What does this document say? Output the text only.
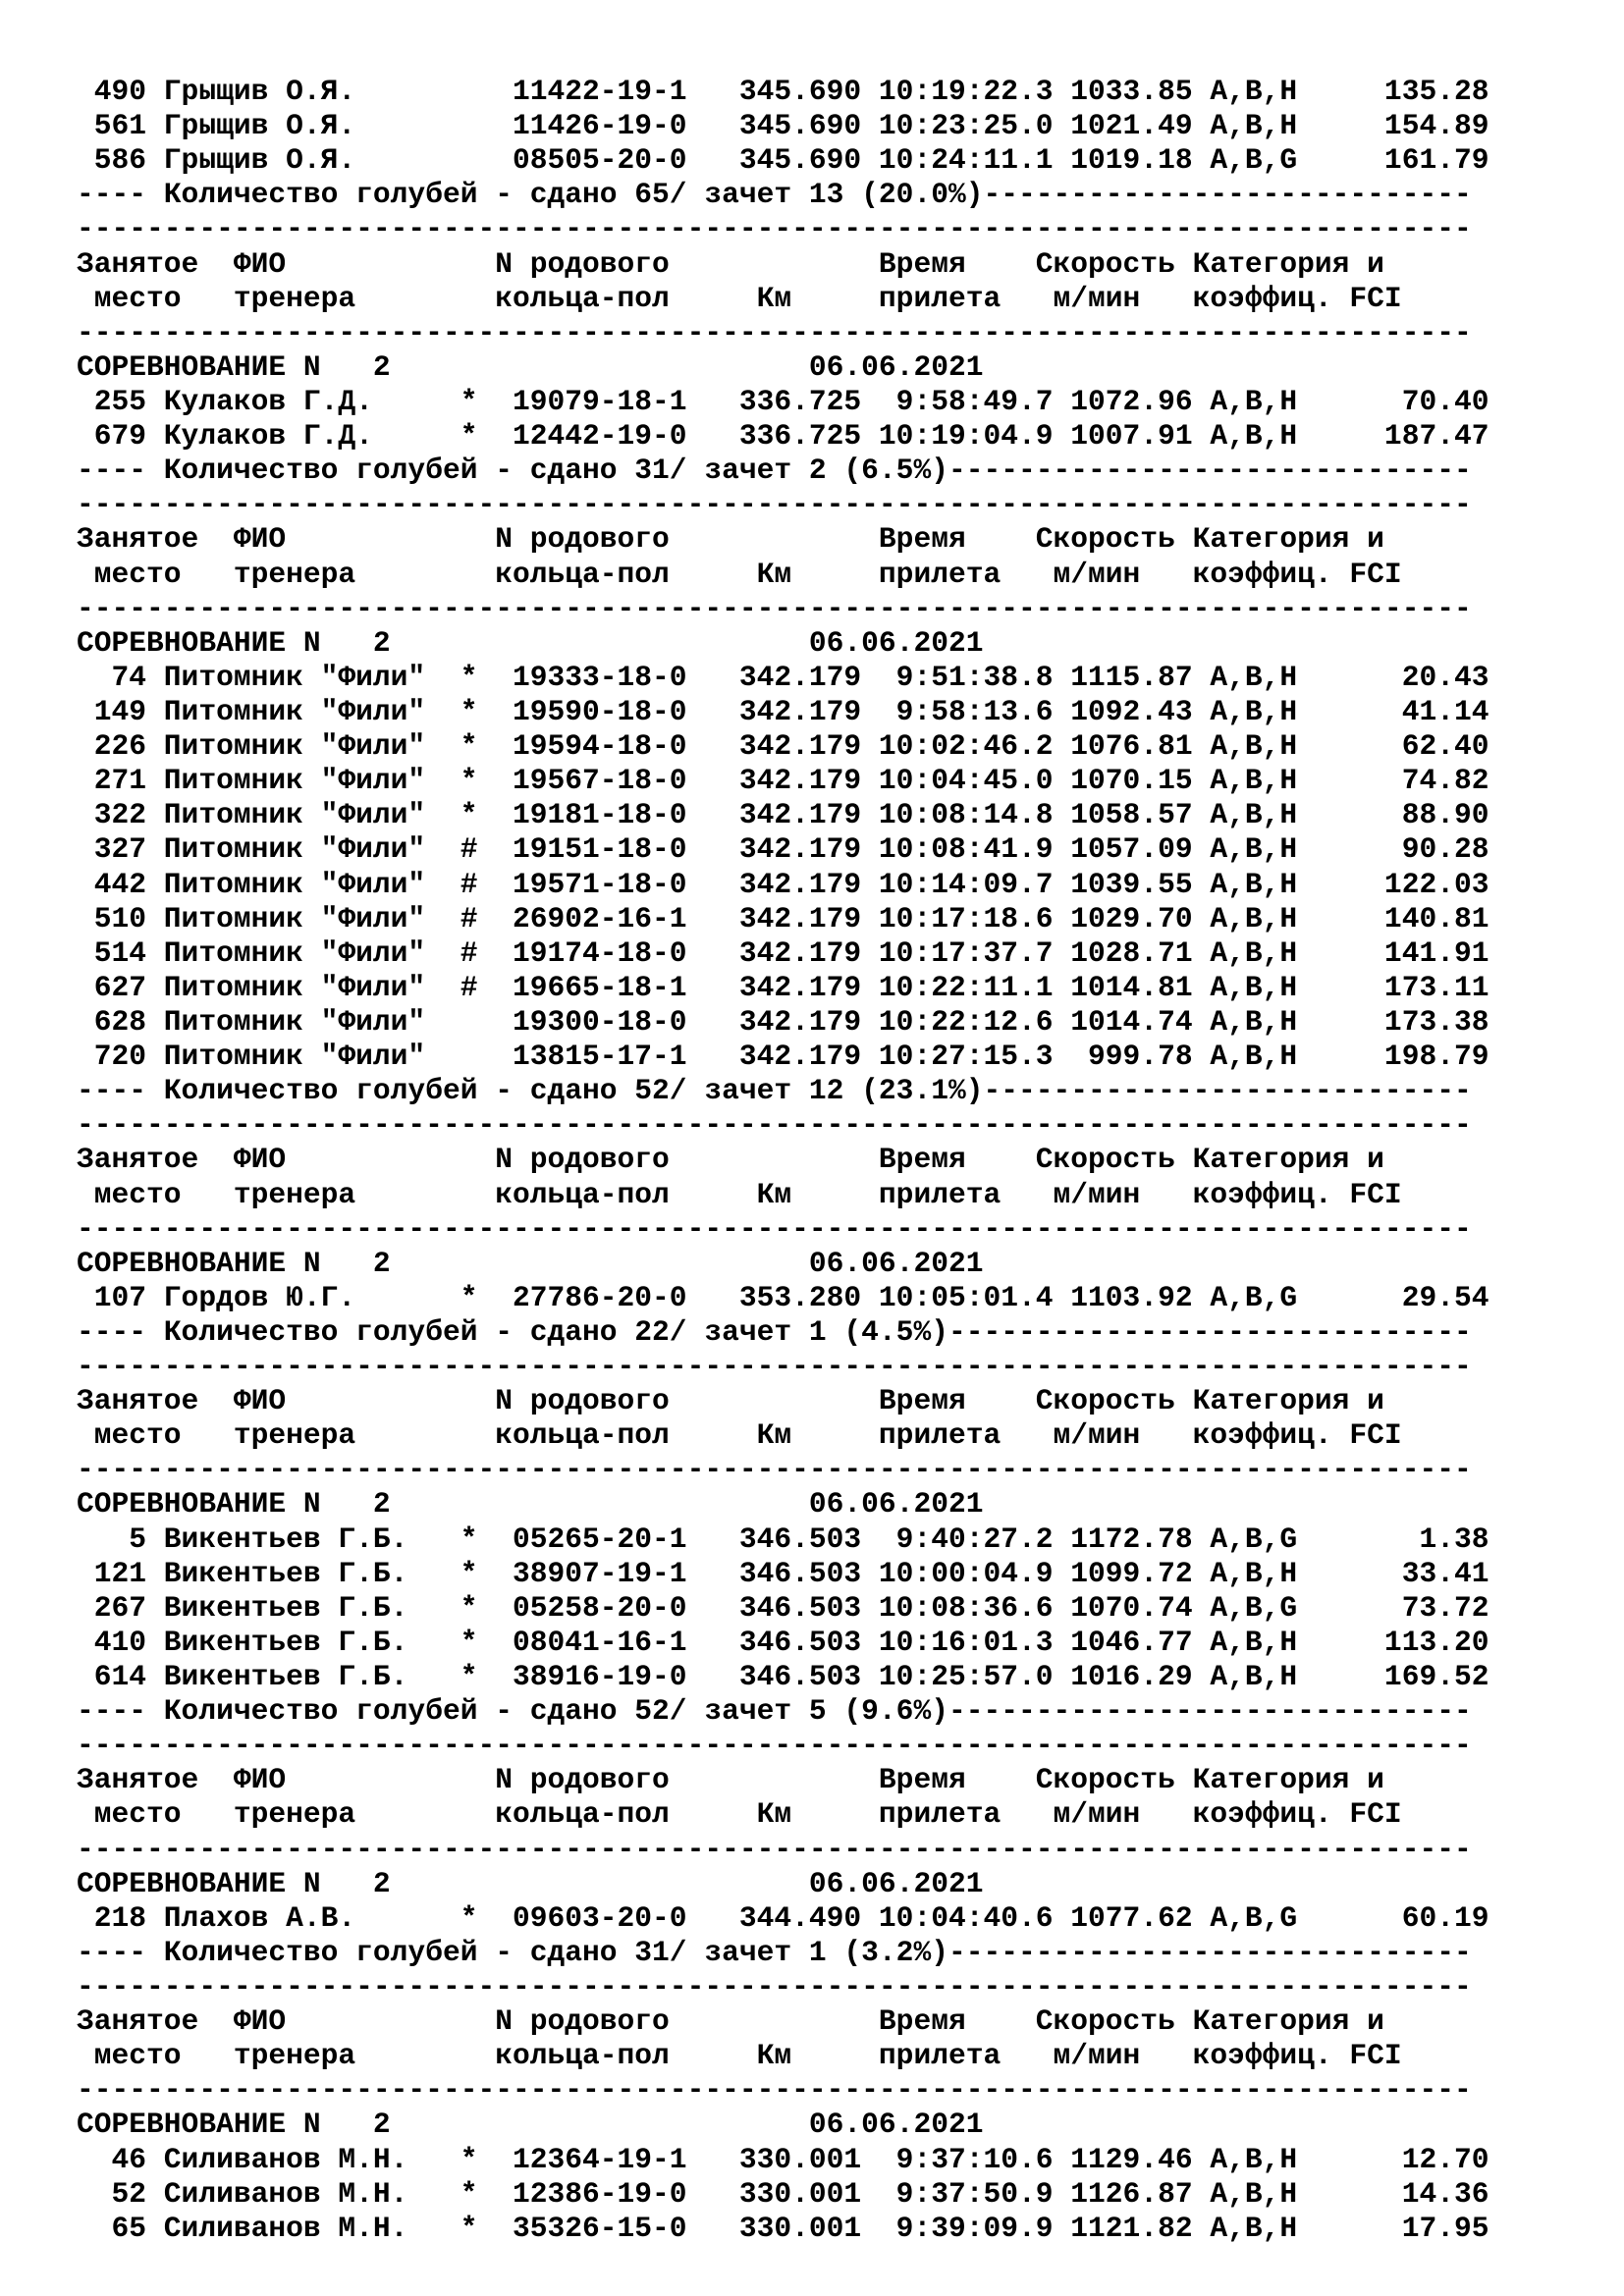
490 Грыщив О.Я.         11422-19-1   345.690 10:19:22.3 1033.85 A,B,H     135.28
561 Грыщив О.Я.         11426-19-0   345.690 10:23:25.0 1021.49 A,B,H     154.89
586 Грыщив О.Я.         08505-20-0   345.690 10:24:11.1 1019.18 A,B,G     161.79
---- Количество голубей - сдано 65/ зачет 13 (20.0%)----------------------------
--------------------------------------------------------------------------------
Занятое  ФИО            N родового            Время    Скорость Категория и
место   тренера        кольца-пол     Км     прилета   м/мин   коэффиц. FCI
--------------------------------------------------------------------------------
СОРЕВНОВАНИЕ N   2                        06.06.2021
255 Кулаков Г.Д.     *  19079-18-1   336.725  9:58:49.7 1072.96 A,B,H      70.40
679 Кулаков Г.Д.     *  12442-19-0   336.725 10:19:04.9 1007.91 A,B,H     187.47
---- Количество голубей - сдано 31/ зачет 2 (6.5%)------------------------------
--------------------------------------------------------------------------------
Занятое  ФИО            N родового            Время    Скорость Категория и
место   тренера        кольца-пол     Км     прилета   м/мин   коэффиц. FCI
--------------------------------------------------------------------------------
СОРЕВНОВАНИЕ N   2                        06.06.2021
74 Питомник "Фили"  *  19333-18-0   342.179  9:51:38.8 1115.87 A,B,H      20.43
149 Питомник "Фили"  *  19590-18-0   342.179  9:58:13.6 1092.43 A,B,H      41.14
226 Питомник "Фили"  *  19594-18-0   342.179 10:02:46.2 1076.81 A,B,H      62.40
271 Питомник "Фили"  *  19567-18-0   342.179 10:04:45.0 1070.15 A,B,H      74.82
322 Питомник "Фили"  *  19181-18-0   342.179 10:08:14.8 1058.57 A,B,H      88.90
327 Питомник "Фили"  #  19151-18-0   342.179 10:08:41.9 1057.09 A,B,H      90.28
442 Питомник "Фили"  #  19571-18-0   342.179 10:14:09.7 1039.55 A,B,H     122.03
510 Питомник "Фили"  #  26902-16-1   342.179 10:17:18.6 1029.70 A,B,H     140.81
514 Питомник "Фили"  #  19174-18-0   342.179 10:17:37.7 1028.71 A,B,H     141.91
627 Питомник "Фили"  #  19665-18-1   342.179 10:22:11.1 1014.81 A,B,H     173.11
628 Питомник "Фили"     19300-18-0   342.179 10:22:12.6 1014.74 A,B,H     173.38
720 Питомник "Фили"     13815-17-1   342.179 10:27:15.3  999.78 A,B,H     198.79
---- Количество голубей - сдано 52/ зачет 12 (23.1%)----------------------------
--------------------------------------------------------------------------------
Занятое  ФИО            N родового            Время    Скорость Категория и
место   тренера        кольца-пол     Км     прилета   м/мин   коэффиц. FCI
--------------------------------------------------------------------------------
СОРЕВНОВАНИЕ N   2                        06.06.2021
107 Гордов Ю.Г.      *  27786-20-0   353.280 10:05:01.4 1103.92 A,B,G      29.54
---- Количество голубей - сдано 22/ зачет 1 (4.5%)------------------------------
--------------------------------------------------------------------------------
Занятое  ФИО            N родового            Время    Скорость Категория и
место   тренера        кольца-пол     Км     прилета   м/мин   коэффиц. FCI
--------------------------------------------------------------------------------
СОРЕВНОВАНИЕ N   2                        06.06.2021
5 Викентьев Г.Б.   *  05265-20-1   346.503  9:40:27.2 1172.78 A,B,G       1.38
121 Викентьев Г.Б.   *  38907-19-1   346.503 10:00:04.9 1099.72 A,B,H      33.41
267 Викентьев Г.Б.   *  05258-20-0   346.503 10:08:36.6 1070.74 A,B,G      73.72
410 Викентьев Г.Б.   *  08041-16-1   346.503 10:16:01.3 1046.77 A,B,H     113.20
614 Викентьев Г.Б.   *  38916-19-0   346.503 10:25:57.0 1016.29 A,B,H     169.52
---- Количество голубей - сдано 52/ зачет 5 (9.6%)------------------------------
--------------------------------------------------------------------------------
Занятое  ФИО            N родового            Время    Скорость Категория и
место   тренера        кольца-пол     Км     прилета   м/мин   коэффиц. FCI
--------------------------------------------------------------------------------
СОРЕВНОВАНИЕ N   2                        06.06.2021
218 Плахов А.В.      *  09603-20-0   344.490 10:04:40.6 1077.62 A,B,G      60.19
---- Количество голубей - сдано 31/ зачет 1 (3.2%)------------------------------
--------------------------------------------------------------------------------
Занятое  ФИО            N родового            Время    Скорость Категория и
место   тренера        кольца-пол     Км     прилета   м/мин   коэффиц. FCI
--------------------------------------------------------------------------------
СОРЕВНОВАНИЕ N   2                        06.06.2021
46 Силиванов М.Н.   *  12364-19-1   330.001  9:37:10.6 1129.46 A,B,H      12.70
52 Силиванов М.Н.   *  12386-19-0   330.001  9:37:50.9 1126.87 A,B,H      14.36
65 Силиванов М.Н.   *  35326-15-0   330.001  9:39:09.9 1121.82 A,B,H      17.95
